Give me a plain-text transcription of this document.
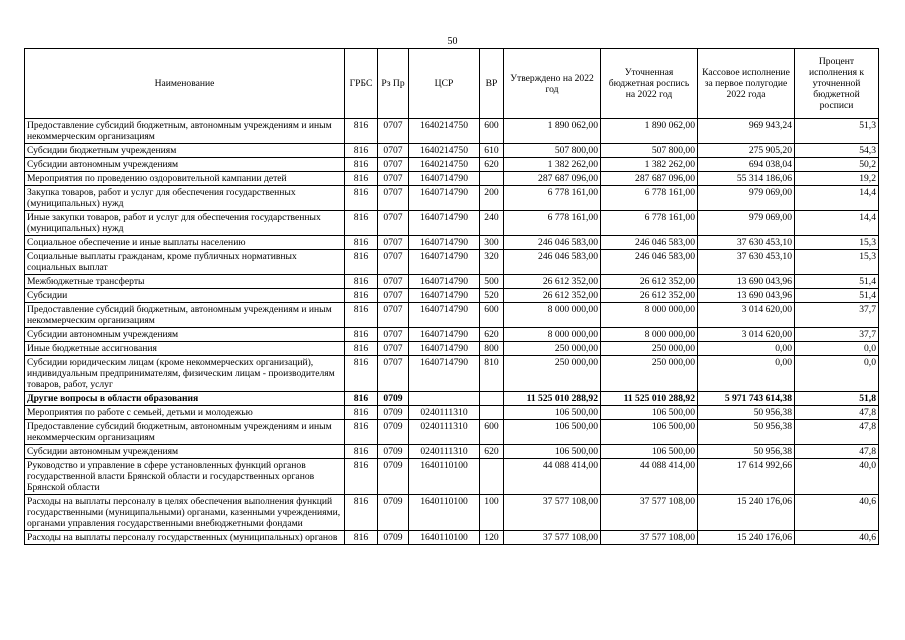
50
Наименование	ГРБС	Рз Пр	ЦСР	ВР	Утверждено на 2022 год	Уточненная бюджетная роспись на 2022 год	Кассовое исполнение за первое полугодие 2022 года	Процент исполнения к уточненной бюджетной росписи
Предоставление субсидий бюджетным, автономным учреждениям и иным некоммерческим организациям	816	0707	1640214750	600	1 890 062,00	1 890 062,00	969 943,24	51,3
Субсидии бюджетным учреждениям	816	0707	1640214750	610	507 800,00	507 800,00	275 905,20	54,3
Субсидии автономным учреждениям	816	0707	1640214750	620	1 382 262,00	1 382 262,00	694 038,04	50,2
Мероприятия по проведению оздоровительной кампании детей	816	0707	1640714790		287 687 096,00	287 687 096,00	55 314 186,06	19,2
Закупка товаров, работ и услуг для обеспечения государственных (муниципальных) нужд	816	0707	1640714790	200	6 778 161,00	6 778 161,00	979 069,00	14,4
Иные закупки товаров, работ и услуг для обеспечения государственных (муниципальных) нужд	816	0707	1640714790	240	6 778 161,00	6 778 161,00	979 069,00	14,4
Социальное обеспечение и иные выплаты населению	816	0707	1640714790	300	246 046 583,00	246 046 583,00	37 630 453,10	15,3
Социальные выплаты гражданам, кроме публичных нормативных социальных выплат	816	0707	1640714790	320	246 046 583,00	246 046 583,00	37 630 453,10	15,3
Межбюджетные трансферты	816	0707	1640714790	500	26 612 352,00	26 612 352,00	13 690 043,96	51,4
Субсидии	816	0707	1640714790	520	26 612 352,00	26 612 352,00	13 690 043,96	51,4
Предоставление субсидий бюджетным, автономным учреждениям и иным некоммерческим организациям	816	0707	1640714790	600	8 000 000,00	8 000 000,00	3 014 620,00	37,7
Субсидии автономным учреждениям	816	0707	1640714790	620	8 000 000,00	8 000 000,00	3 014 620,00	37,7
Иные бюджетные ассигнования	816	0707	1640714790	800	250 000,00	250 000,00	0,00	0,0
Субсидии юридическим лицам (кроме некоммерческих организаций), индивидуальным предпринимателям, физическим лицам - производителям товаров, работ, услуг	816	0707	1640714790	810	250 000,00	250 000,00	0,00	0,0
Другие вопросы в области образования	816	0709			11 525 010 288,92	11 525 010 288,92	5 971 743 614,38	51,8
Мероприятия по работе с семьей, детьми и молодежью	816	0709	0240111310		106 500,00	106 500,00	50 956,38	47,8
Предоставление субсидий бюджетным, автономным учреждениям и иным некоммерческим организациям	816	0709	0240111310	600	106 500,00	106 500,00	50 956,38	47,8
Субсидии автономным учреждениям	816	0709	0240111310	620	106 500,00	106 500,00	50 956,38	47,8
Руководство и управление в сфере установленных функций органов государственной власти Брянской области и государственных органов Брянской области	816	0709	1640110100		44 088 414,00	44 088 414,00	17 614 992,66	40,0
Расходы на выплаты персоналу в целях обеспечения выполнения функций государственными (муниципальными) органами, казенными учреждениями, органами управления государственными внебюджетными фондами	816	0709	1640110100	100	37 577 108,00	37 577 108,00	15 240 176,06	40,6
Расходы на выплаты персоналу государственных (муниципальных) органов	816	0709	1640110100	120	37 577 108,00	37 577 108,00	15 240 176,06	40,6
